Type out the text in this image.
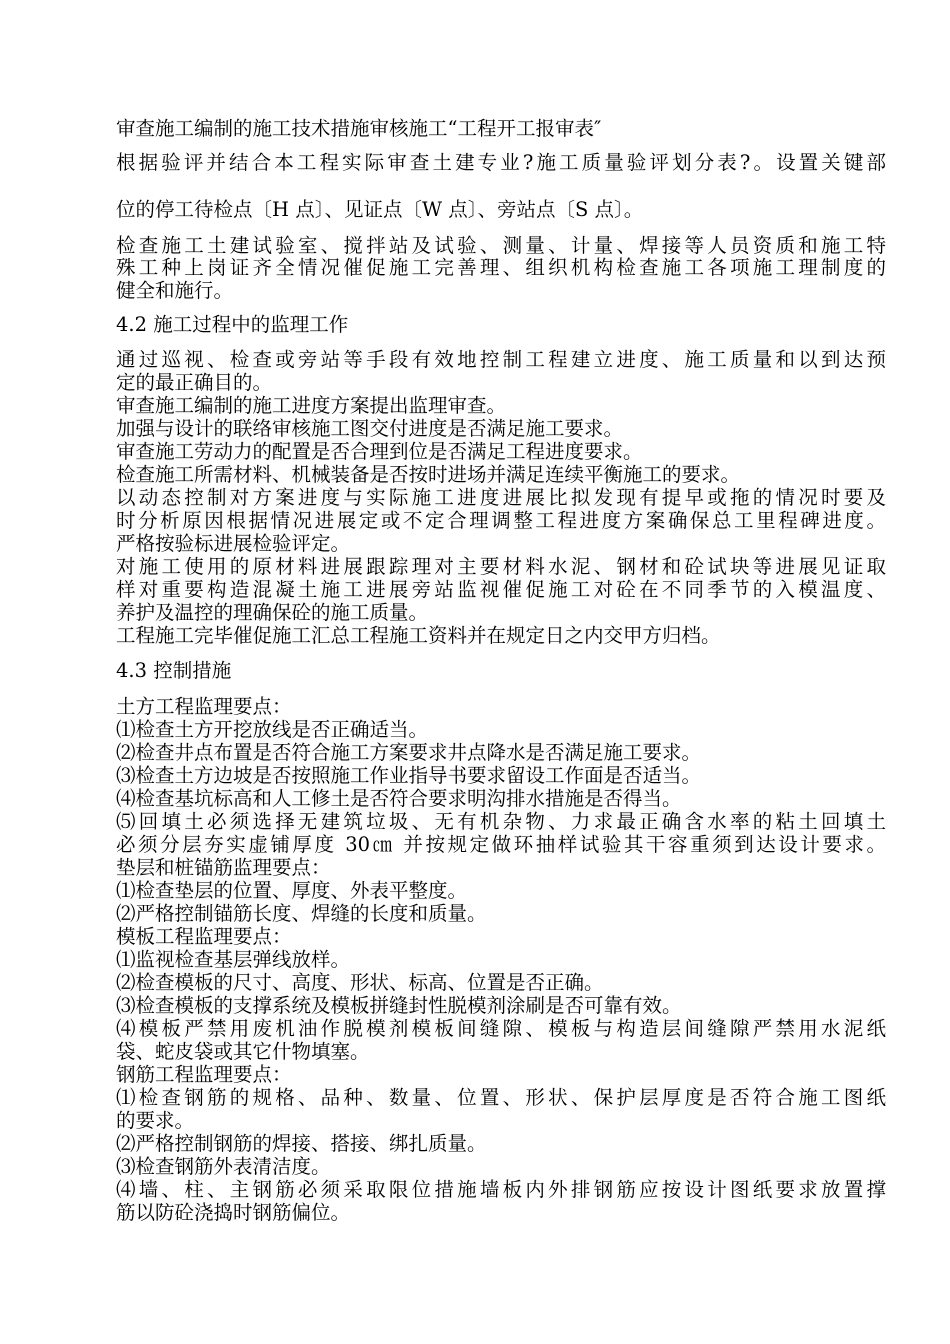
审查施工编制的施工技术措施审核施工“工程开工报审表″
根据验评并结合本工程实际审查土建专业?施工质量验评划分表?。设置关键部
位的停工待检点〔H 点〕、见证点〔W 点〕、旁站点〔S 点〕。
检查施工土建试验室、搅拌站及试验、测量、计量、焊接等人员资质和施工特
殊工种上岗证齐全情况催促施工完善理、组织机构检查施工各项施工理制度的
健全和施行。
4.2 施工过程中的监理工作
通过巡视、检查或旁站等手段有效地控制工程建立进度、施工质量和以到达预
定的最正确目的。
审查施工编制的施工进度方案提出监理审查。
加强与设计的联络审核施工图交付进度是否满足施工要求。
审查施工劳动力的配置是否合理到位是否满足工程进度要求。
检查施工所需材料、机械装备是否按时进场并满足连续平衡施工的要求。
以动态控制对方案进度与实际施工进度进展比拟发现有提早或拖的情况时要及
时分析原因根据情况进展定或不定合理调整工程进度方案确保总工里程碑进度。
严格按验标进展检验评定。
对施工使用的原材料进展跟踪理对主要材料水泥、钢材和砼试块等进展见证取
样对重要构造混凝土施工进展旁站监视催促施工对砼在不同季节的入模温度、
养护及温控的理确保砼的施工质量。
工程施工完毕催促施工汇总工程施工资料并在规定日之内交甲方归档。
4.3 控制措施
土方工程监理要点：
⑴检查土方开挖放线是否正确适当。
⑵检查井点布置是否符合施工方案要求井点降水是否满足施工要求。
⑶检查土方边坡是否按照施工作业指导书要求留设工作面是否适当。
⑷检查基坑标高和人工修土是否符合要求明沟排水措施是否得当。
⑸回填土必须选择无建筑垃圾、无有机杂物、力求最正确含水率的粘土回填土
必须分层夯实虚铺厚度 30㎝ 并按规定做环抽样试验其干容重须到达设计要求。
垫层和桩锚筋监理要点：
⑴检查垫层的位置、厚度、外表平整度。
⑵严格控制锚筋长度、焊缝的长度和质量。
模板工程监理要点：
⑴监视检查基层弹线放样。
⑵检查模板的尺寸、高度、形状、标高、位置是否正确。
⑶检查模板的支撑系统及模板拼缝封性脱模剂涂刷是否可靠有效。
⑷模板严禁用废机油作脱模剂模板间缝隙、模板与构造层间缝隙严禁用水泥纸
袋、蛇皮袋或其它什物填塞。
钢筋工程监理要点：
⑴检查钢筋的规格、品种、数量、位置、形状、保护层厚度是否符合施工图纸
的要求。
⑵严格控制钢筋的焊接、搭接、绑扎质量。
⑶检查钢筋外表清洁度。
⑷墙、柱、主钢筋必须采取限位措施墙板内外排钢筋应按设计图纸要求放置撑
筋以防砼浇捣时钢筋偏位。
